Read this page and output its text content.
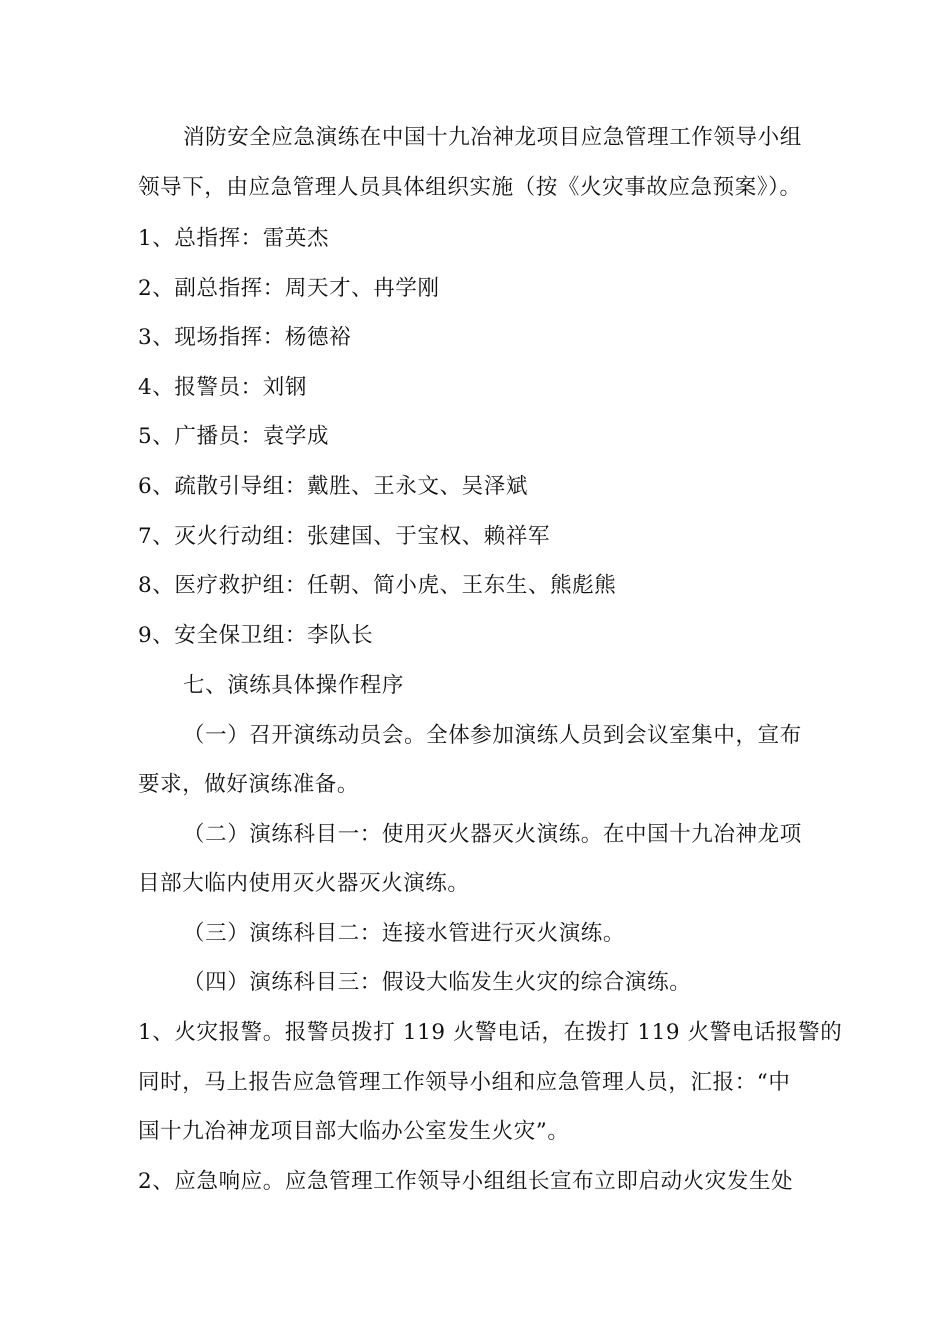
消防安全应急演练在中国十九冶神龙项目应急管理工作领导小组
领导下，由应急管理人员具体组织实施（按《火灾事故应急预案》）。
1、总指挥：雷英杰
2、副总指挥：周天才、冉学刚
3、现场指挥：杨德裕
4、报警员：刘钢
5、广播员：袁学成
6、疏散引导组：戴胜、王永文、吴泽斌
7、灭火行动组：张建国、于宝权、赖祥军
8、医疗救护组：任朝、简小虎、王东生、熊彪熊
9、安全保卫组：李队长
七、演练具体操作程序
（一）召开演练动员会。全体参加演练人员到会议室集中，宣布
要求，做好演练准备。
（二）演练科目一：使用灭火器灭火演练。在中国十九冶神龙项
目部大临内使用灭火器灭火演练。
（三）演练科目二：连接水管进行灭火演练。
（四）演练科目三：假设大临发生火灾的综合演练。
1、火灾报警。报警员拨打 119 火警电话，在拨打 119 火警电话报警的
同时，马上报告应急管理工作领导小组和应急管理人员，汇报：“中
国十九冶神龙项目部大临办公室发生火灾”。
2、应急响应。应急管理工作领导小组组长宣布立即启动火灾发生处
